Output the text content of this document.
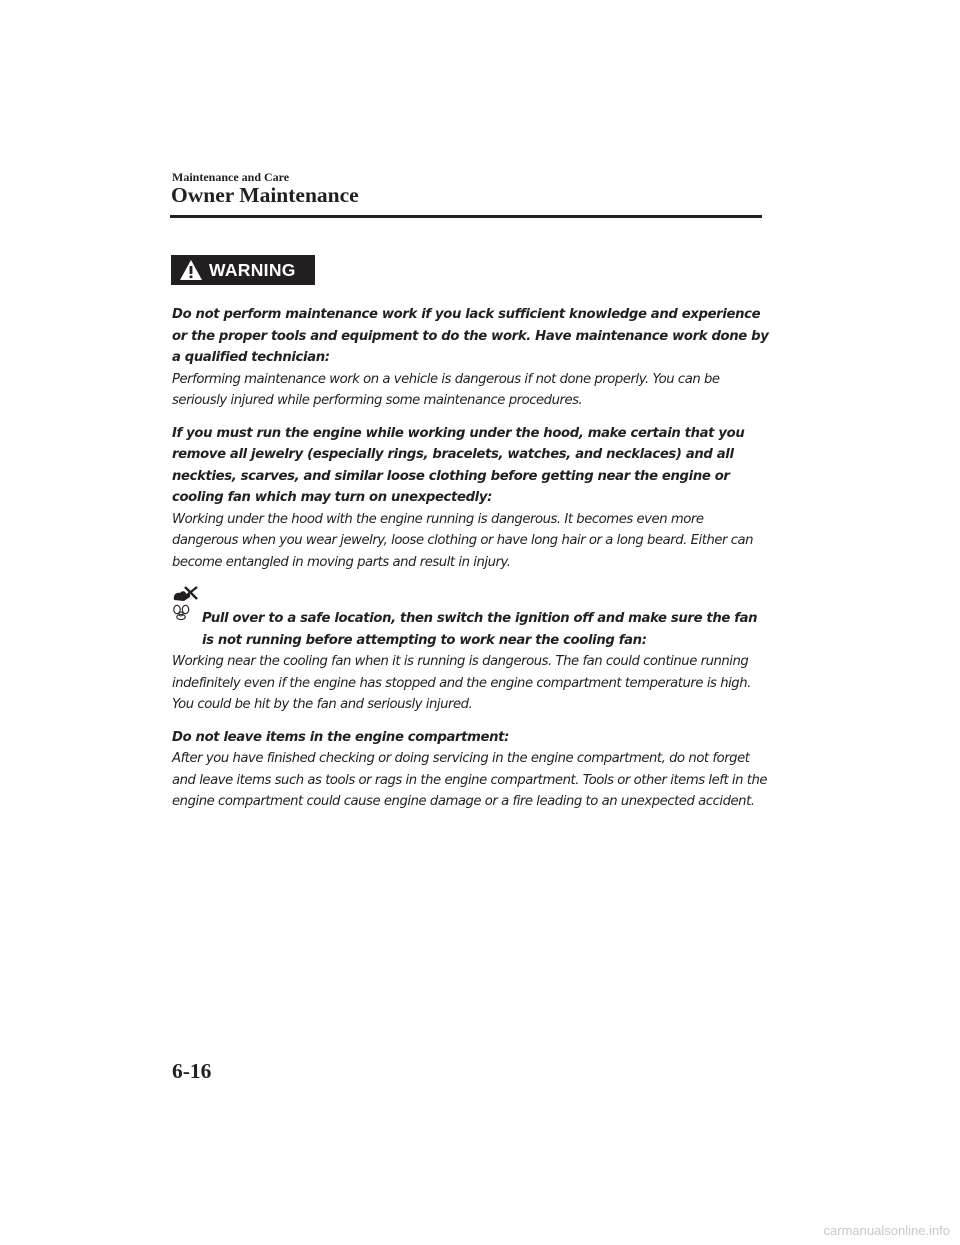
Maintenance and Care
Owner Maintenance
WARNING

Do not perform maintenance work if you lack sufficient knowledge and experience or the proper tools and equipment to do the work. Have maintenance work done by a qualified technician:

Performing maintenance work on a vehicle is dangerous if not done properly. You can be seriously injured while performing some maintenance procedures.

If you must run the engine while working under the hood, make certain that you remove all jewelry (especially rings, bracelets, watches, and necklaces) and all neckties, scarves, and similar loose clothing before getting near the engine or cooling fan which may turn on unexpectedly:

Working under the hood with the engine running is dangerous. It becomes even more dangerous when you wear jewelry, loose clothing or have long hair or a long beard. Either can become entangled in moving parts and result in injury.

Pull over to a safe location, then switch the ignition off and make sure the fan is not running before attempting to work near the cooling fan:

Working near the cooling fan when it is running is dangerous. The fan could continue running indefinitely even if the engine has stopped and the engine compartment temperature is high. You could be hit by the fan and seriously injured.

Do not leave items in the engine compartment:

After you have finished checking or doing servicing in the engine compartment, do not forget and leave items such as tools or rags in the engine compartment. Tools or other items left in the engine compartment could cause engine damage or a fire leading to an unexpected accident.

6-16
carmanualsonline.info
